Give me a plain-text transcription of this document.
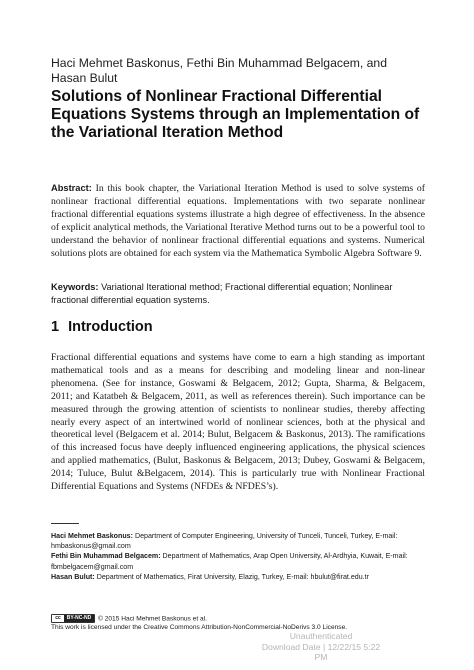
Haci Mehmet Baskonus, Fethi Bin Muhammad Belgacem, and
Hasan Bulut
Solutions of Nonlinear Fractional Differential Equations Systems through an Implementation of the Variational Iteration Method
Abstract: In this book chapter, the Variational Iteration Method is used to solve systems of nonlinear fractional differential equations. Implementations with two separate nonlinear fractional differential equations systems illustrate a high degree of effectiveness. In the absence of explicit analytical methods, the Variational Iterative Method turns out to be a powerful tool to understand the behavior of nonlinear fractional differential equations and systems. Numerical solutions plots are obtained for each system via the Mathematica Symbolic Algebra Software 9.
Keywords: Variational Iterational method; Fractional differential equation; Nonlinear fractional differential equation systems.
1 Introduction
Fractional differential equations and systems have come to earn a high standing as important mathematical tools and as a means for describing and modeling linear and non-linear phenomena. (See for instance, Goswami & Belgacem, 2012; Gupta, Sharma, & Belgacem, 2011; and Katatbeh & Belgacem, 2011, as well as references therein). Such importance can be measured through the growing attention of scientists to nonlinear studies, thereby affecting nearly every aspect of an intertwined world of nonlinear sciences, both at the physical and theoretical level (Belgacem et al. 2014; Bulut, Belgacem & Baskonus, 2013). The ramifications of this increased focus have deeply influenced engineering applications, the physical sciences and applied mathematics, (Bulut, Baskonus & Belgacem, 2013; Dubey, Goswami & Belgacem, 2014; Tuluce, Bulut &Belgacem, 2014). This is particularly true with Nonlinear Fractional Differential Equations and Systems (NFDEs & NFDES’s).

Haci Mehmet Baskonus: Department of Computer Engineering, University of Tunceli, Tunceli, Turkey, E-mail: hmbaskonus@gmail.com

Fethi Bin Muhammad Belgacem: Department of Mathematics, Arap Open University, Al-Ardhyia, Kuwait, E-mail: fbmbelgacem@gmail.com

Hasan Bulut: Department of Mathematics, Firat University, Elazig, Turkey, E-mail: hbulut@firat.edu.tr

cc	BY-NC-ND	© 2015 Haci Mehmet Baskonus et al.
This work is licensed under the Creative Commons Attribution-NonCommercial-NoDerivs 3.0 License.
Unauthenticated
Download Date | 12/22/15 5:22 PM
